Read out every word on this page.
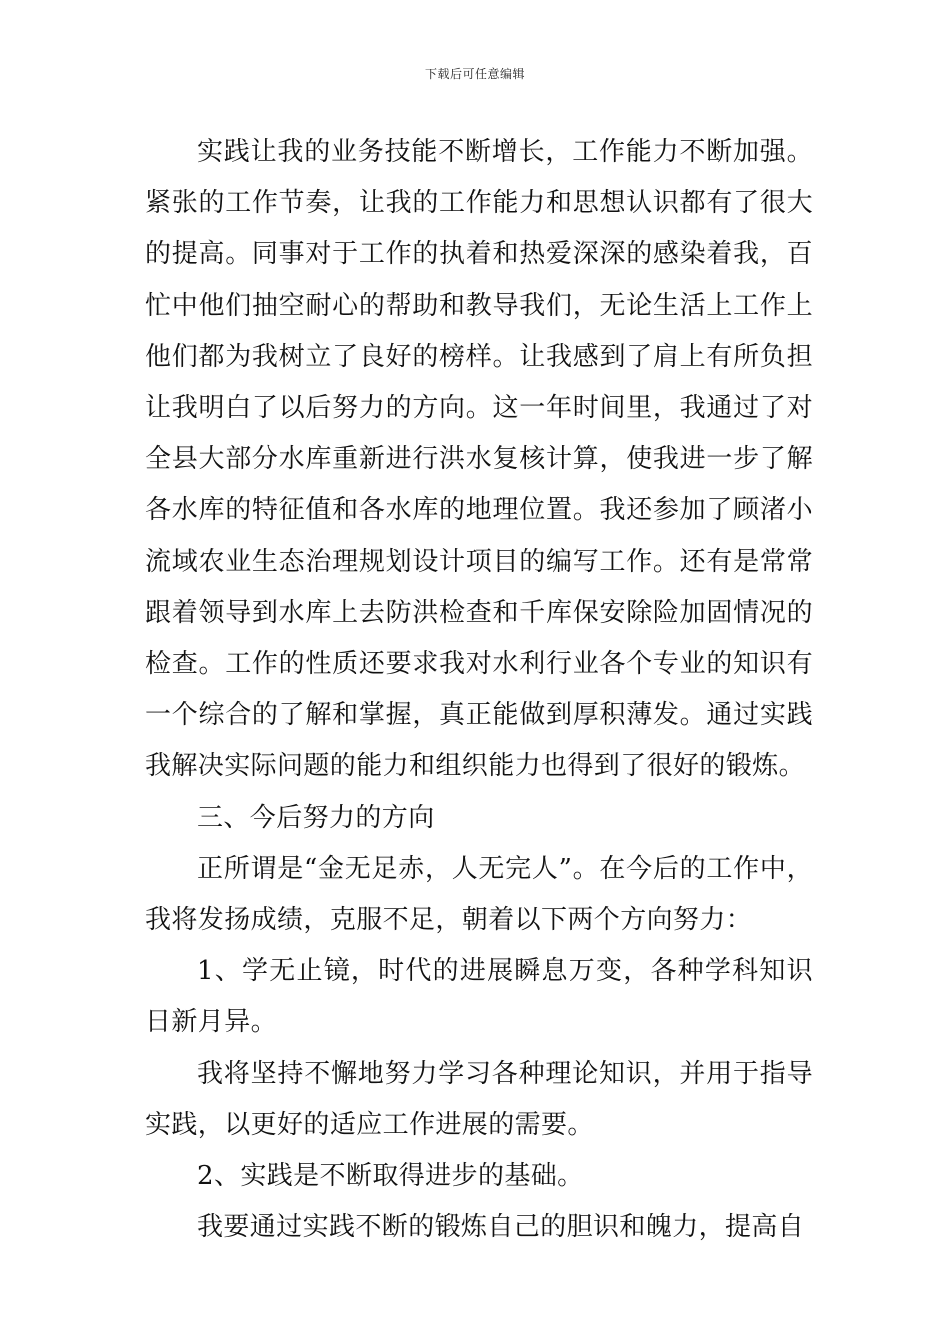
下载后可任意编辑

实践让我的业务技能不断增长，工作能力不断加强。紧张的工作节奏，让我的工作能力和思想认识都有了很大的提高。同事对于工作的执着和热爱深深的感染着我，百忙中他们抽空耐心的帮助和教导我们，无论生活上工作上他们都为我树立了良好的榜样。让我感到了肩上有所负担让我明白了以后努力的方向。这一年时间里，我通过了对全县大部分水库重新进行洪水复核计算，使我进一步了解各水库的特征值和各水库的地理位置。我还参加了顾渚小流域农业生态治理规划设计项目的编写工作。还有是常常跟着领导到水库上去防洪检查和千库保安除险加固情况的检查。工作的性质还要求我对水利行业各个专业的知识有一个综合的了解和掌握，真正能做到厚积薄发。通过实践我解决实际问题的能力和组织能力也得到了很好的锻炼。

三、今后努力的方向

正所谓是“金无足赤，人无完人”。在今后的工作中，我将发扬成绩，克服不足，朝着以下两个方向努力：

1、学无止镜，时代的进展瞬息万变，各种学科知识日新月异。

我将坚持不懈地努力学习各种理论知识，并用于指导实践，以更好的适应工作进展的需要。

2、实践是不断取得进步的基础。

我要通过实践不断的锻炼自己的胆识和魄力，提高自
